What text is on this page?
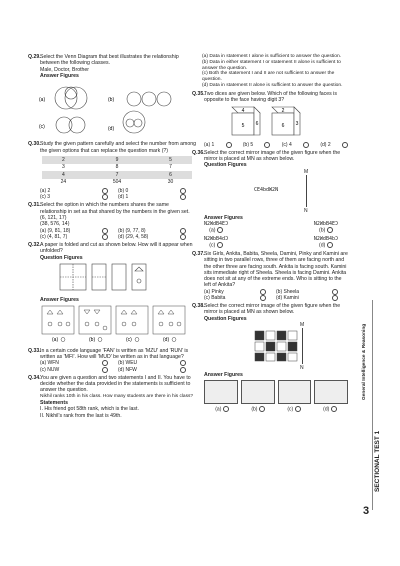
Q.29. Select the Venn Diagram that best illustrates the relationship between the following classes.
Male, Doctor, Brother
Answer Figures
(a)	(b)
(c)	(d)
Q.30. Study the given pattern carefully and select the number from among the given options that can replace the question mark (?)
2	9	5
3	8	7
4	7	6
24	504	30
(a) 2	(b) 0
(c) 3	(d) 1
Q.31. Select the option in which the numbers shares the same relationship in set as that shared by the numbers in the given set.
(6, 121, 17)
(38, 576, 14)
(a) (9, 81, 18)	(b) (9, 77, 8)
(c) (4, 81, 7)	(d) (29, 4, 58)
Q.32. A paper is folded and cut as shown below. How will it appear when unfolded?
Question Figures
Answer Figures
(a)	(b)	(c)	(d)
Q.33. In a certain code language 'FAN' is written as 'MZU' and 'RUN' is written as 'MFI'. How will 'MUD' be written as in that language?
(a) WFN	(b) WEU
(c) NUW	(d) NFW
Q.34. You are given a question and two statements I and II. You have to decide whether the data provided in the statements is sufficient to answer the question.
Nikhil ranks 10th in his class. How many students are there in his class?
Statements
I. His friend got 58th rank, which is the last.
II. Nikhil's rank from the last is 49th.
(a) Data in statement I alone is sufficient to answer the question.
(b) Data in either statement I or statement II alone is sufficient to answer the question.
(c) Both the statement I and II are not sufficient to answer the question.
(d) Data in statement II alone is sufficient to answer the question.
Q.35. Two dices are given below. Which of the following faces is opposite to the face having digit 3?
4
6
5
2
3
6
(a) 1	(b) 5	(c) 4	(d) 2
Q.36. Select the correct mirror image of the given figure when the mirror is placed at MN as shown below.
Question Figures
M
CE4bdW2N
N
Answer Figures
N2WdB4EƆ
(a)
N2WbB4EƆ
(b)
N2WbB4dƆ
(c)
N2WdB4bƆ
(d)
Q.37. Six Girls, Ankita, Babita, Sheela, Damini, Pinky and Kamini are sitting in two parallel rows, three of them are facing north and the other three are facing south. Ankita is facing south. Kamini sits immediate right of Sheela. Sheela is facing Damini. Ankita does not sit at any of the extreme ends. Who is sitting to the left of Ankita?
(a) Pinky	(b) Sheela
(c) Babita	(d) Kamini
Q.38. Select the correct mirror image of the given figure when the mirror is placed at MN as shown below.
Question Figures
M
N
Answer Figures
(a)	(b)	(c)	(d)
General Intelligence & Reasoning
SECTIONAL TEST 1
3
